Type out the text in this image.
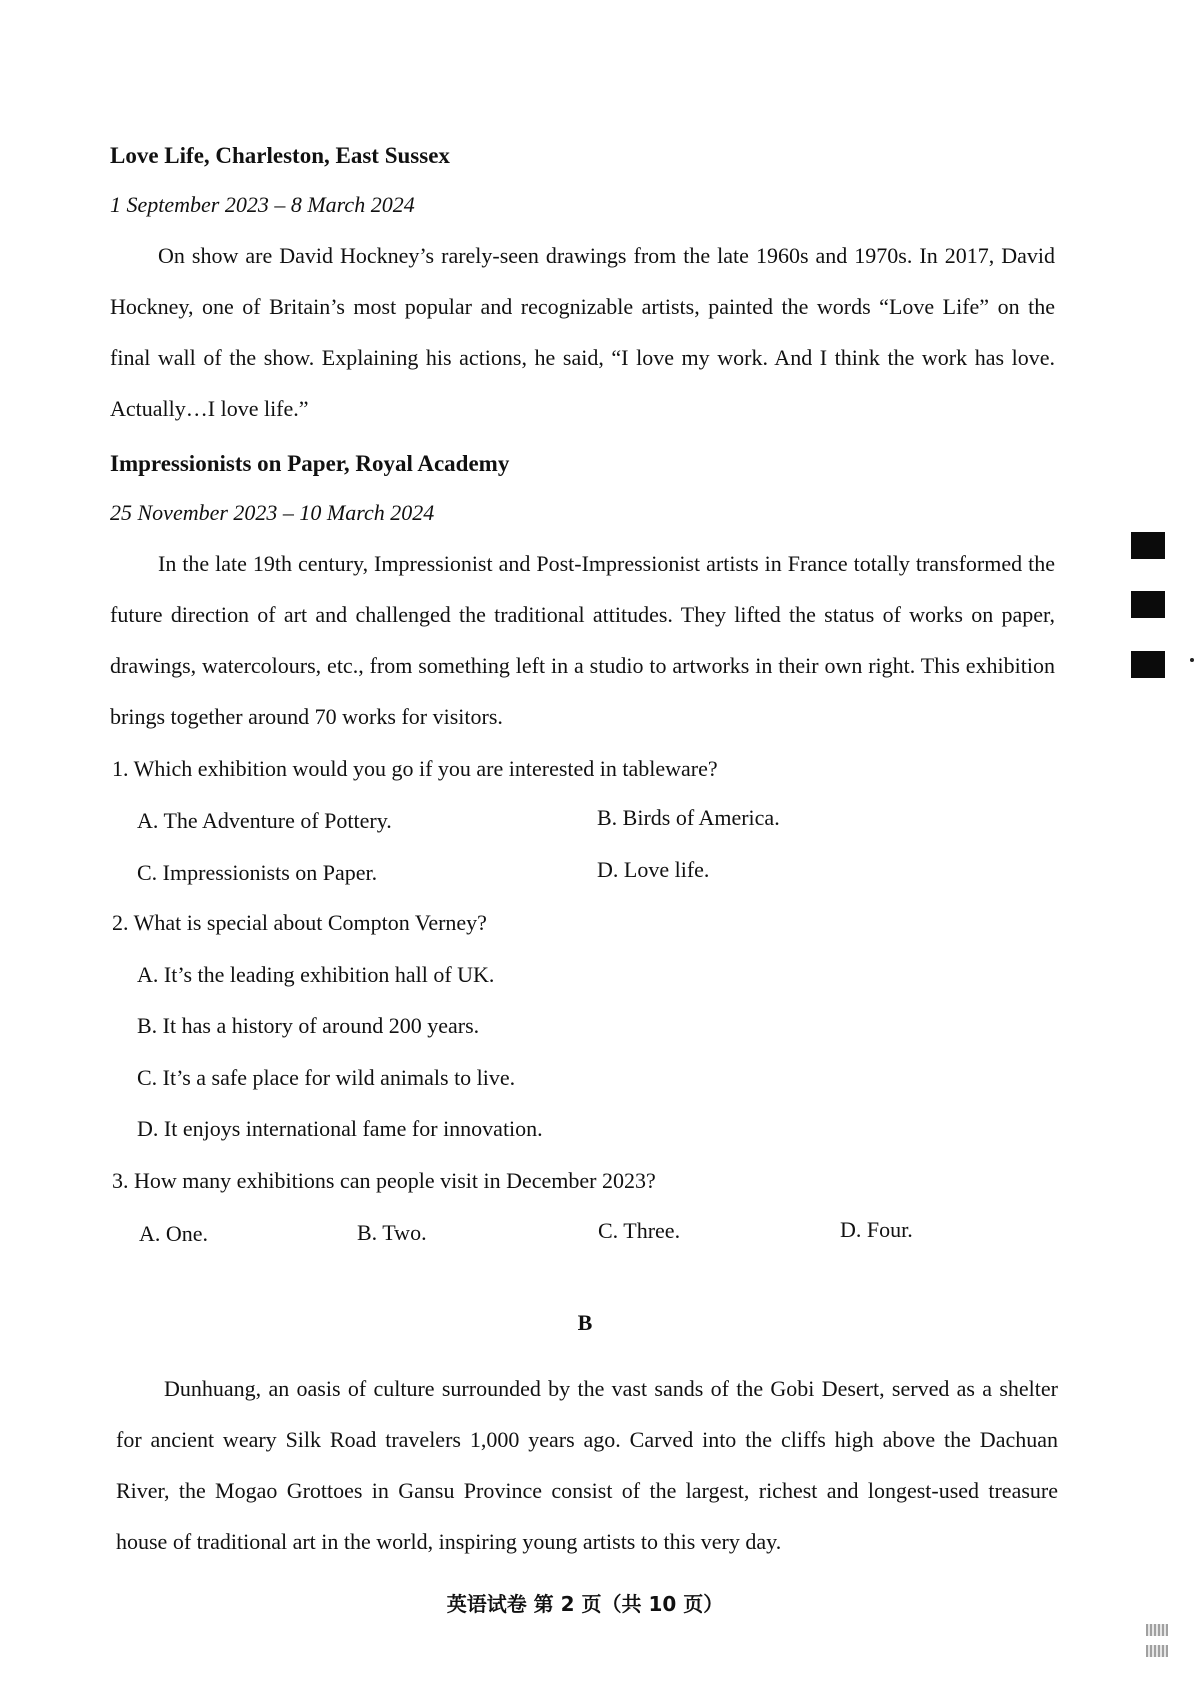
Love Life, Charleston, East Sussex
1 September 2023 – 8 March 2024

On show are David Hockney’s rarely-seen drawings from the late 1960s and 1970s. In 2017, David Hockney, one of Britain’s most popular and recognizable artists, painted the words “Love Life” on the final wall of the show. Explaining his actions, he said, “I love my work. And I think the work has love. Actually…I love life.”

Impressionists on Paper, Royal Academy
25 November 2023 – 10 March 2024

In the late 19th century, Impressionist and Post-Impressionist artists in France totally transformed the future direction of art and challenged the traditional attitudes. They lifted the status of works on paper, drawings, watercolours, etc., from something left in a studio to artworks in their own right. This exhibition brings together around 70 works for visitors.

1. Which exhibition would you go if you are interested in tableware?
A. The Adventure of Pottery.	B. Birds of America.
C. Impressionists on Paper.	D. Love life.
2. What is special about Compton Verney?
A. It’s the leading exhibition hall of UK.
B. It has a history of around 200 years.
C. It’s a safe place for wild animals to live.
D. It enjoys international fame for innovation.
3. How many exhibitions can people visit in December 2023?
A. One.	B. Two.	C. Three.	D. Four.
B

Dunhuang, an oasis of culture surrounded by the vast sands of the Gobi Desert, served as a shelter for ancient weary Silk Road travelers 1,000 years ago. Carved into the cliffs high above the Dachuan River, the Mogao Grottoes in Gansu Province consist of the largest, richest and longest-used treasure house of traditional art in the world, inspiring young artists to this very day.

英语试卷 第 2 页（共 10 页）
